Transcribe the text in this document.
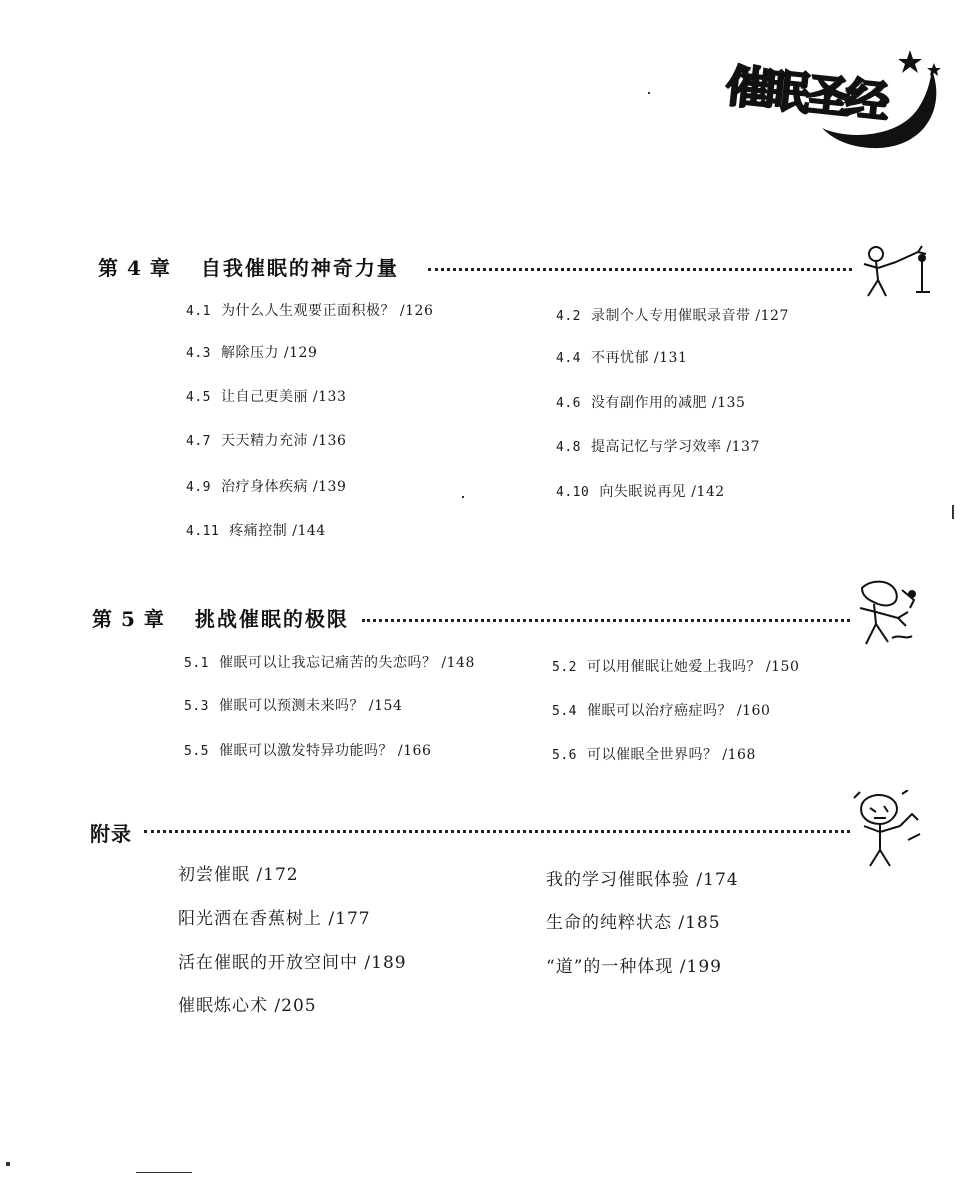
催眠圣经
第 4 章 自我催眠的神奇力量
4.1 为什么人生观要正面积极？ /126	4.2 录制个人专用催眠录音带 /127
4.3 解除压力 /129	4.4 不再忧郁 /131
4.5 让自己更美丽 /133	4.6 没有副作用的减肥 /135
4.7 天天精力充沛 /136	4.8 提高记忆与学习效率 /137
4.9 治疗身体疾病 /139	4.10 向失眠说再见 /142
4.11 疼痛控制 /144
第 5 章 挑战催眠的极限
5.1 催眠可以让我忘记痛苦的失恋吗？ /148	5.2 可以用催眠让她爱上我吗？ /150
5.3 催眠可以预测未来吗？ /154	5.4 催眠可以治疗癌症吗？ /160
5.5 催眠可以激发特异功能吗？ /166	5.6 可以催眠全世界吗？ /168
附录
初尝催眠 /172	我的学习催眠体验 /174
阳光洒在香蕉树上 /177	生命的纯粹状态 /185
活在催眠的开放空间中 /189	“道”的一种体现 /199
催眠炼心术 /205
